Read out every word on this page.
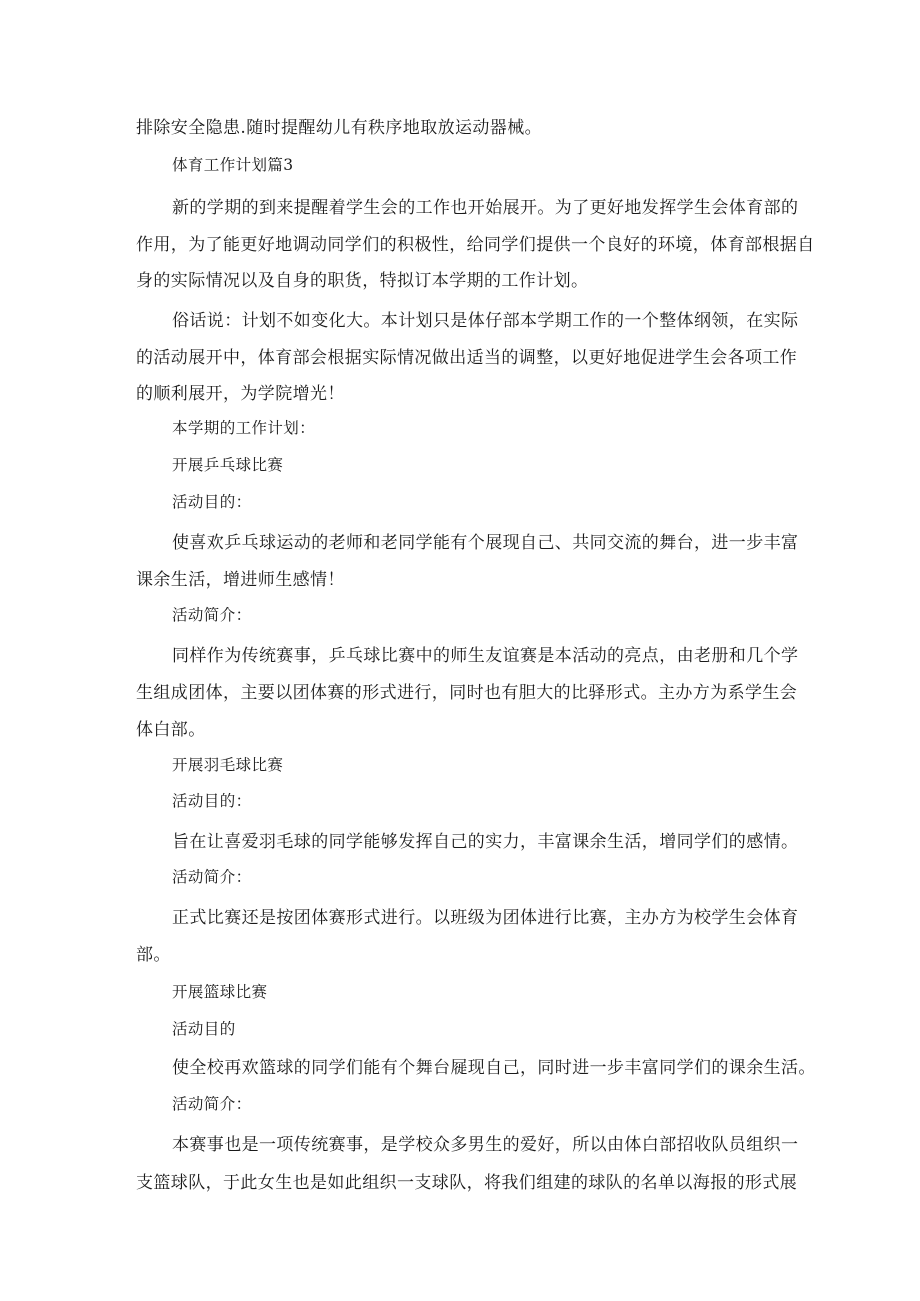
排除安全隐患.随时提醒幼儿有秩序地取放运动器械。

体育工作计划篇3

新的学期的到来提醒着学生会的工作也开始展开。为了更好地发挥学生会体育部的

作用，为了能更好地调动同学们的积极性，给同学们提供一个良好的环境，体育部根据自

身的实际情况以及自身的职货，特拟订本学期的工作计划。

俗话说：计划不如变化大。本计划只是体仔部本学期工作的一个整体纲领，在实际

的活动展开中，体育部会根据实际情况做出适当的调整，以更好地促进学生会各项工作

的顺利展开，为学院增光！

本学期的工作计划：

开展乒乓球比赛

活动目的：

使喜欢乒乓球运动的老师和老同学能有个展现自己、共同交流的舞台，进一步丰富

课余生活，增进师生感情！

活动简介：

同样作为传统赛事，乒乓球比赛中的师生友谊赛是本活动的亮点，由老册和几个学

生组成团体，主要以团体赛的形式进行，同时也有胆大的比驿形式。主办方为系学生会

体白部。

开展羽毛球比赛

活动目的：

旨在让喜爱羽毛球的同学能够发挥自己的实力，丰富课余生活，增同学们的感情。

活动简介：

正式比赛还是按团体赛形式进行。以班级为团体进行比赛，主办方为校学生会体育

部。

开展篮球比赛

活动目的

使全校再欢篮球的同学们能有个舞台屣现自己，同时进一步丰富同学们的课余生活。

活动简介：

本赛事也是一项传统赛事，是学校众多男生的爱好，所以由体白部招收队员组织一

支篮球队，于此女生也是如此组织一支球队，将我们组建的球队的名单以海报的形式展
